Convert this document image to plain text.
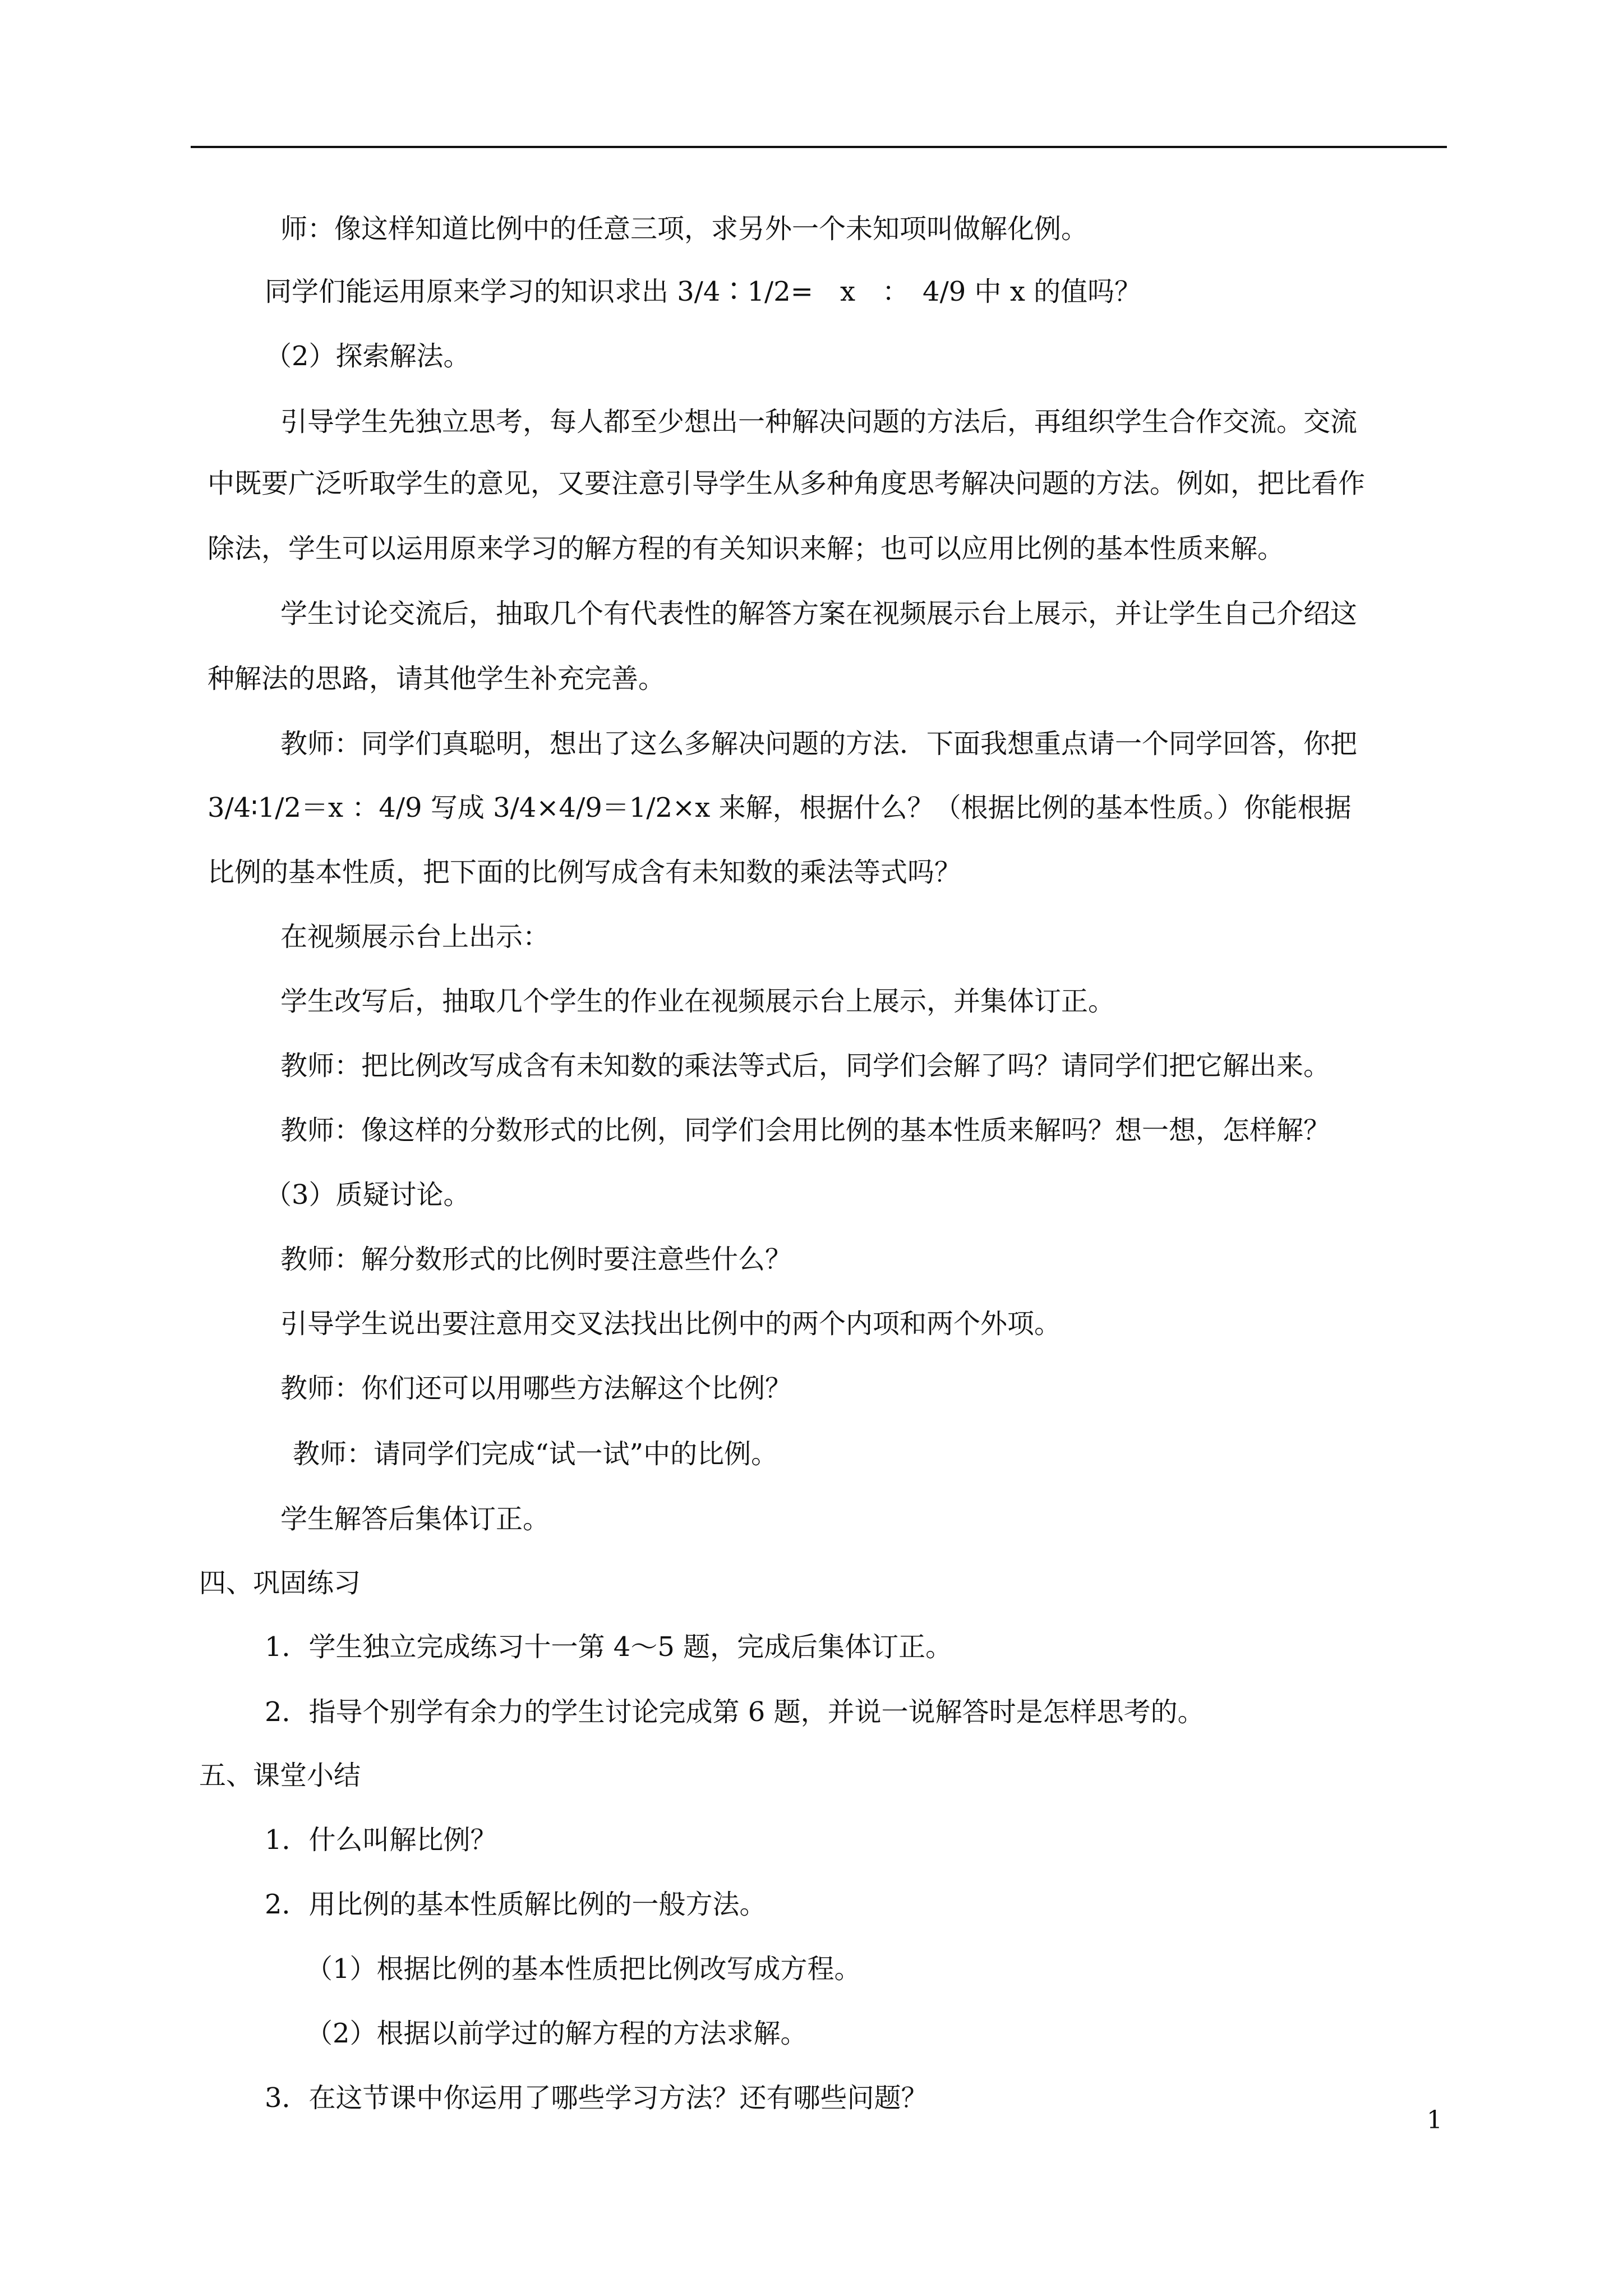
师：像这样知道比例中的任意三项，求另外一个未知项叫做解化例。

同学们能运用原来学习的知识求出 3/4∶1/2=　x　：　4/9 中 x 的值吗？

（2）探索解法。

引导学生先独立思考，每人都至少想出一种解决问题的方法后，再组织学生合作交流。交流

中既要广泛听取学生的意见，又要注意引导学生从多种角度思考解决问题的方法。例如，把比看作

除法，学生可以运用原来学习的解方程的有关知识来解；也可以应用比例的基本性质来解。

学生讨论交流后，抽取几个有代表性的解答方案在视频展示台上展示，并让学生自己介绍这

种解法的思路，请其他学生补充完善。

教师：同学们真聪明，想出了这么多解决问题的方法．下面我想重点请一个同学回答，你把

3/4∶1/2＝x ：4/9 写成 3/4×4/9＝1/2×x 来解，根据什么？（根据比例的基本性质。）你能根据

比例的基本性质，把下面的比例写成含有未知数的乘法等式吗？

在视频展示台上出示：

学生改写后，抽取几个学生的作业在视频展示台上展示，并集体订正。

教师：把比例改写成含有未知数的乘法等式后，同学们会解了吗？请同学们把它解出来。

教师：像这样的分数形式的比例，同学们会用比例的基本性质来解吗？想一想，怎样解？

（3）质疑讨论。

教师：解分数形式的比例时要注意些什么？

引导学生说出要注意用交叉法找出比例中的两个内项和两个外项。

教师：你们还可以用哪些方法解这个比例？

教师：请同学们完成“试一试”中的比例。

学生解答后集体订正。

四、巩固练习

1．学生独立完成练习十一第 4～5 题，完成后集体订正。

2．指导个别学有余力的学生讨论完成第 6 题，并说一说解答时是怎样思考的。

五、课堂小结

1．什么叫解比例？

2．用比例的基本性质解比例的一般方法。

（1）根据比例的基本性质把比例改写成方程。

（2）根据以前学过的解方程的方法求解。

3．在这节课中你运用了哪些学习方法？还有哪些问题？

1
